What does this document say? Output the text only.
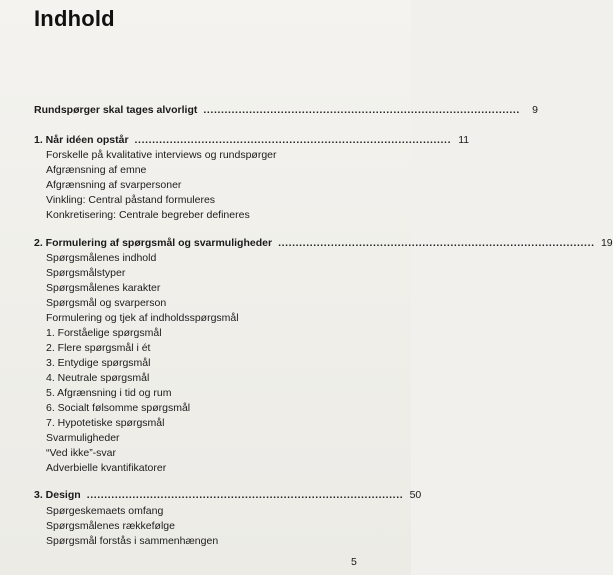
Indhold
Rundspørger skal tages alvorligt ..........................................................................................	9
1. Når idéen opstår .......................................................................................... 11
Forskelle på kvalitative interviews og rundspørger
Afgrænsning af emne
Afgrænsning af svarpersoner
Vinkling: Central påstand formuleres
Konkretisering: Centrale begreber defineres
2. Formulering af spørgsmål og svarmuligheder .......................................................................................... 19
Spørgsmålenes indhold
Spørgsmålstyper
Spørgsmålenes karakter
Spørgsmål og svarperson
Formulering og tjek af indholdsspørgsmål
1. Forståelige spørgsmål
2. Flere spørgsmål i ét
3. Entydige spørgsmål
4. Neutrale spørgsmål
5. Afgrænsning i tid og rum
6. Socialt følsomme spørgsmål
7. Hypotetiske spørgsmål
Svarmuligheder
“Ved ikke”-svar
Adverbielle kvantifikatorer
3. Design .......................................................................................... 50
Spørgeskemaets omfang
Spørgsmålenes rækkefølge
Spørgsmål forstås i sammenhængen
5
